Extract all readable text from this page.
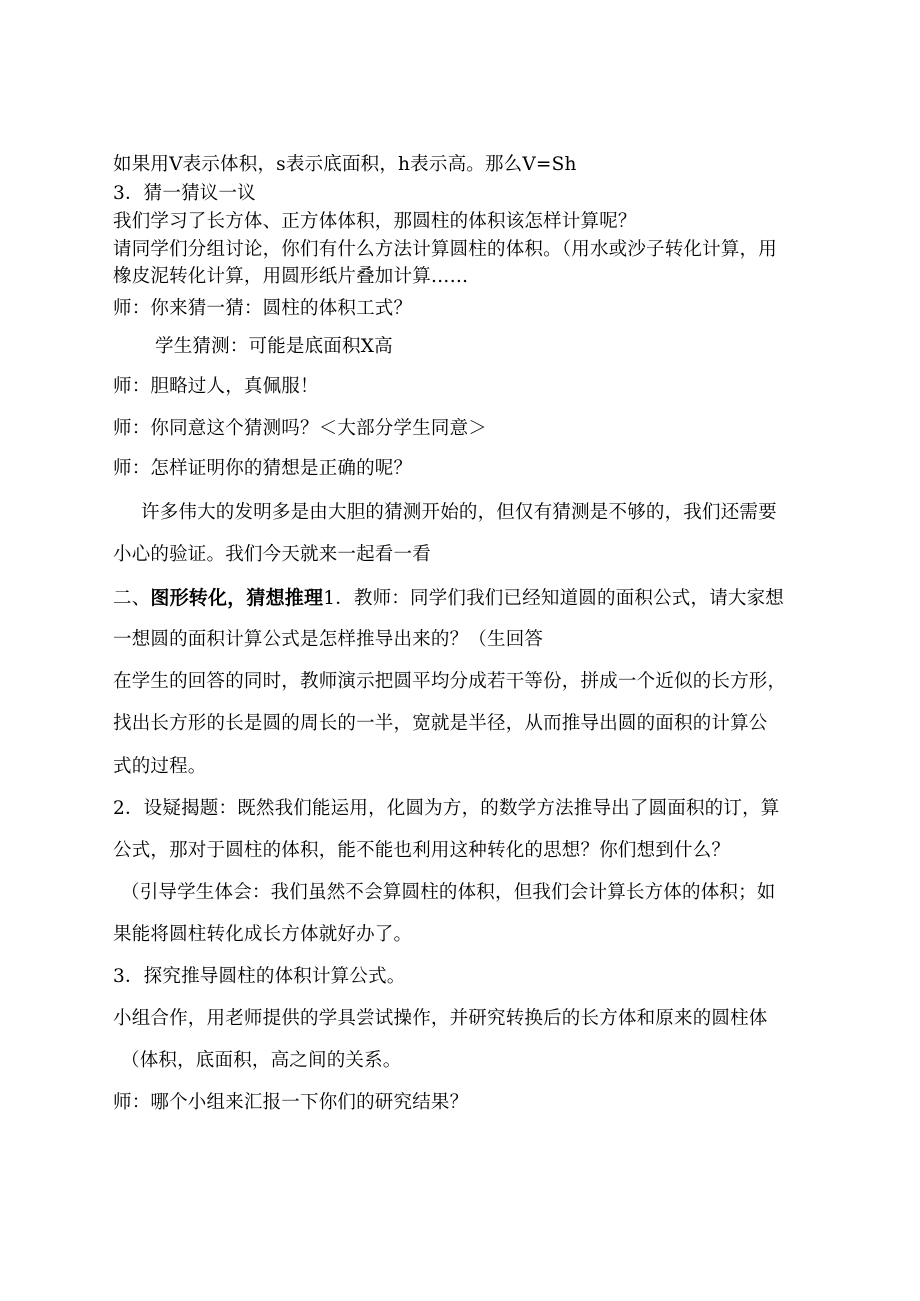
如果用V表示体积，s表示底面积，h表示高。那么V=Sh
3．猜一猜议一议
我们学习了长方体、正方体体积，那圆柱的体积该怎样计算呢？
请同学们分组讨论，你们有什么方法计算圆柱的体积。（用水或沙子转化计算，用
橡皮泥转化计算，用圆形纸片叠加计算……
师：你来猜一猜：圆柱的体积工式？
学生猜测：可能是底面积X高
师：胆略过人，真佩服！
师：你同意这个猜测吗？＜大部分学生同意＞
师：怎样证明你的猜想是正确的呢？
许多伟大的发明多是由大胆的猜测开始的，但仅有猜测是不够的，我们还需要
小心的验证。我们今天就来一起看一看
二、图形转化，猜想推理1．教师：同学们我们已经知道圆的面积公式，请大家想
一想圆的面积计算公式是怎样推导出来的？（生回答
在学生的回答的同时，教师演示把圆平均分成若干等份，拼成一个近似的长方形，
找出长方形的长是圆的周长的一半，宽就是半径，从而推导出圆的面积的计算公
式的过程。
2．设疑揭题：既然我们能运用，化圆为方，的数学方法推导出了圆面积的订，算
公式，那对于圆柱的体积，能不能也利用这种转化的思想？你们想到什么？
（引导学生体会：我们虽然不会算圆柱的体积，但我们会计算长方体的体积；如
果能将圆柱转化成长方体就好办了。
3．探究推导圆柱的体积计算公式。
小组合作，用老师提供的学具尝试操作，并研究转换后的长方体和原来的圆柱体
（体积，底面积，高之间的关系。
师：哪个小组来汇报一下你们的研究结果？
